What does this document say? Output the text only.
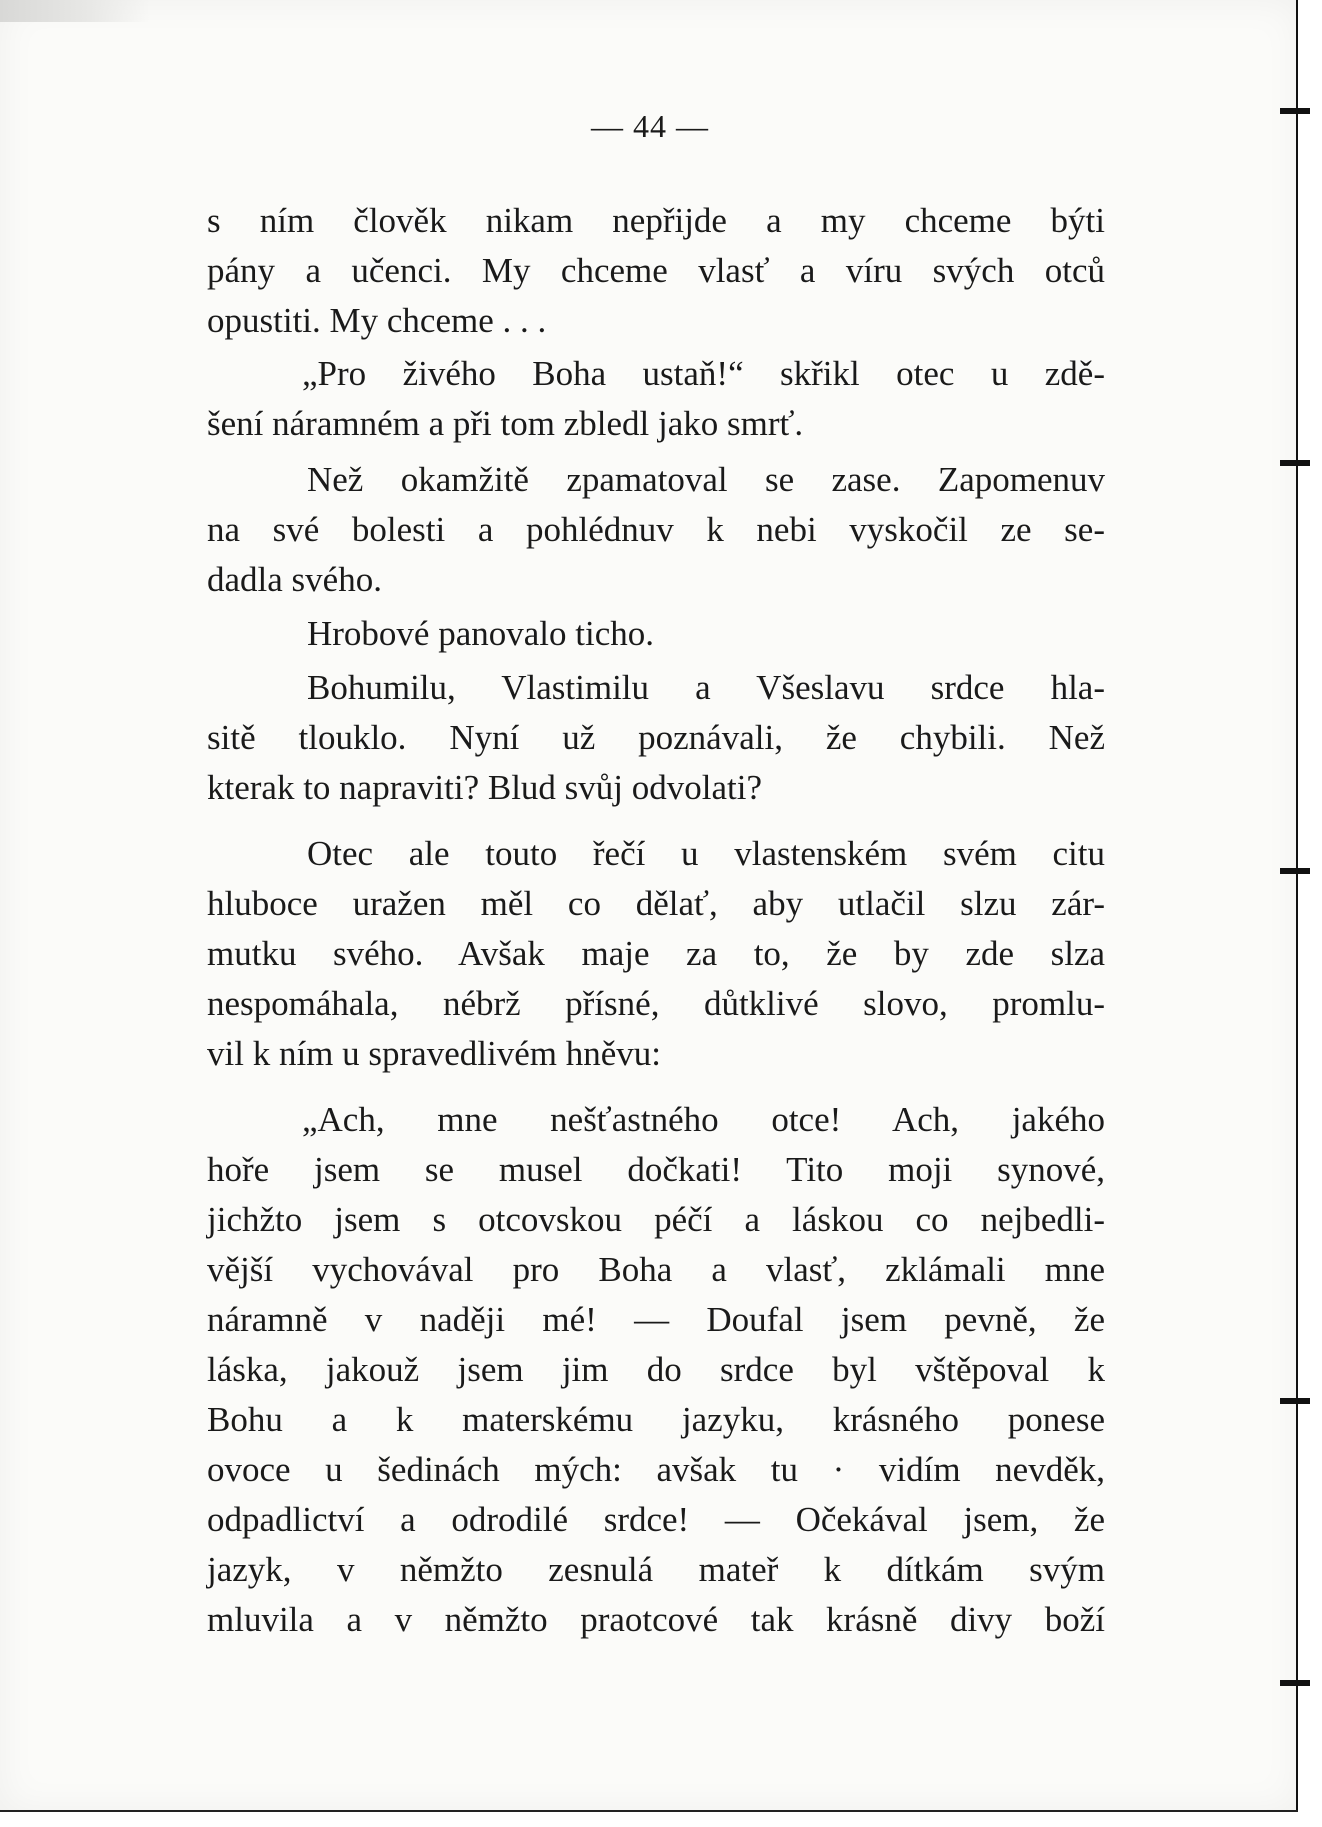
— 44 —
s ním člověk nikam nepřijde a my chceme býti
pány a učenci. My chceme vlasť a víru svých otců
opustiti. My chceme . . .
„Pro živého Boha ustaň!“ skřikl otec u zdě-
šení náramném a při tom zbledl jako smrť.
Než okamžitě zpamatoval se zase. Zapomenuv
na své bolesti a pohlédnuv k nebi vyskočil ze se-
dadla svého.
Hrobové panovalo ticho.
Bohumilu, Vlastimilu a Všeslavu srdce hla-
sitě tlouklo. Nyní už poznávali, že chybili. Než
kterak to napraviti? Blud svůj odvolati?
Otec ale touto řečí u vlastenském svém citu
hluboce uražen měl co dělať, aby utlačil slzu zár-
mutku svého. Avšak maje za to, že by zde slza
nespomáhala, nébrž přísné, důtklivé slovo, promlu-
vil k ním u spravedlivém hněvu:
„Ach, mne nešťastného otce! Ach, jakého
hoře jsem se musel dočkati! Tito moji synové,
jichžto jsem s otcovskou péčí a láskou co nejbedli-
vější vychovával pro Boha a vlasť, zklámali mne
náramně v naději mé! — Doufal jsem pevně, že
láska, jakouž jsem jim do srdce byl vštěpoval k
Bohu a k materskému jazyku, krásného ponese
ovoce u šedinách mých: avšak tu · vidím nevděk,
odpadlictví a odrodilé srdce! — Očekával jsem, že
jazyk, v němžto zesnulá mateř k dítkám svým
mluvila a v němžto praotcové tak krásně divy boží
